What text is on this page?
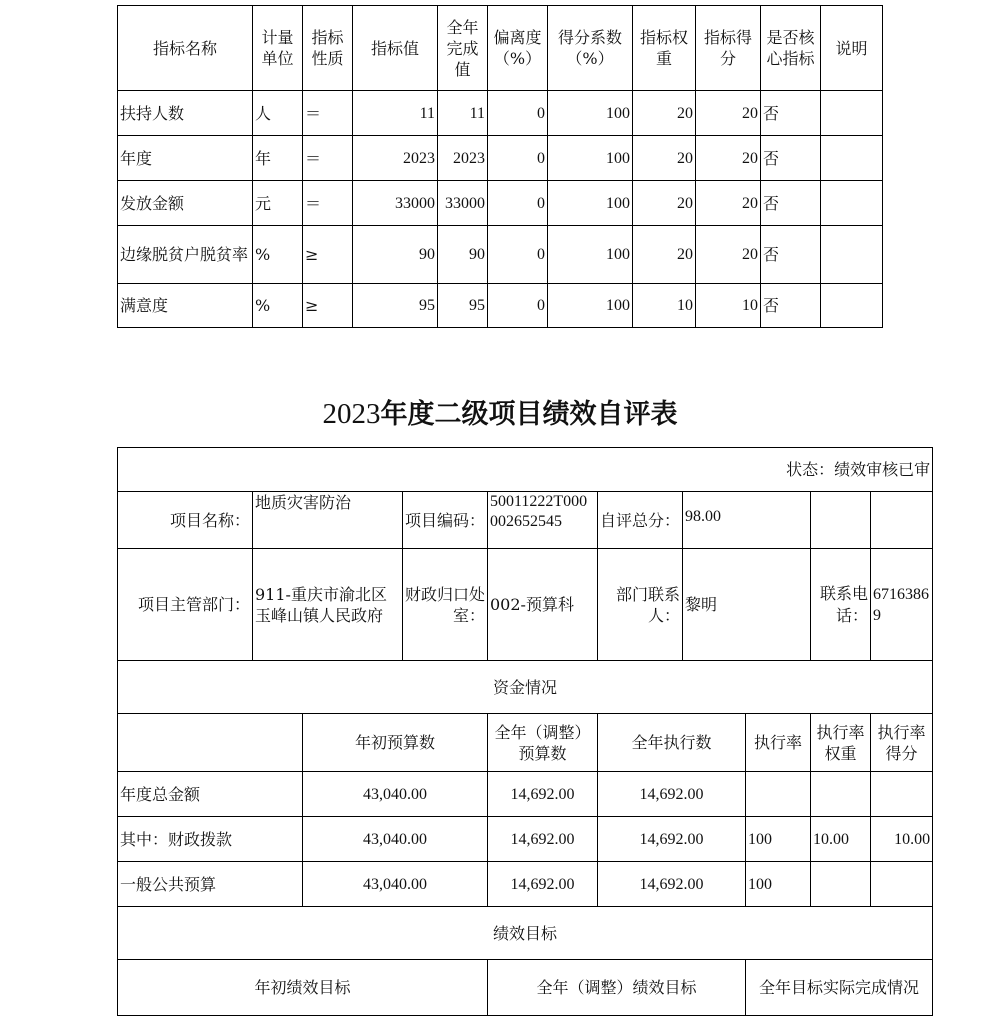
指标名称	计量单位	指标性质	指标值	全年完成值	偏离度（%）	得分系数（%）	指标权重	指标得分	是否核心指标	说明
扶持人数	人	＝	11	11	0	100	20	20	否	
年度	年	＝	2023	2023	0	100	20	20	否	
发放金额	元	＝	33000	33000	0	100	20	20	否	
边缘脱贫户脱贫率	%	≥	90	90	0	100	20	20	否	
满意度	%	≥	95	95	0	100	10	10	否	
2023年度二级项目绩效自评表
状态：绩效审核已审									
项目名称：	地质灾害防治		项目编码：	50011222T000002652545	自评总分：	98.00			
项目主管部门：	911-重庆市渝北区玉峰山镇人民政府		财政归口处室：	002-预算科	部门联系人：	黎明		联系电话：	67163869
资金情况									
		年初预算数		全年（调整）预算数	全年执行数		执行率	执行率权重	执行率得分
年度总金额		43,040.00		14,692.00	14,692.00				
其中：财政拨款		43,040.00		14,692.00	14,692.00		100	10.00	10.00
一般公共预算		43,040.00		14,692.00	14,692.00		100		
绩效目标									
年初绩效目标				全年（调整）绩效目标			全年目标实际完成情况		
